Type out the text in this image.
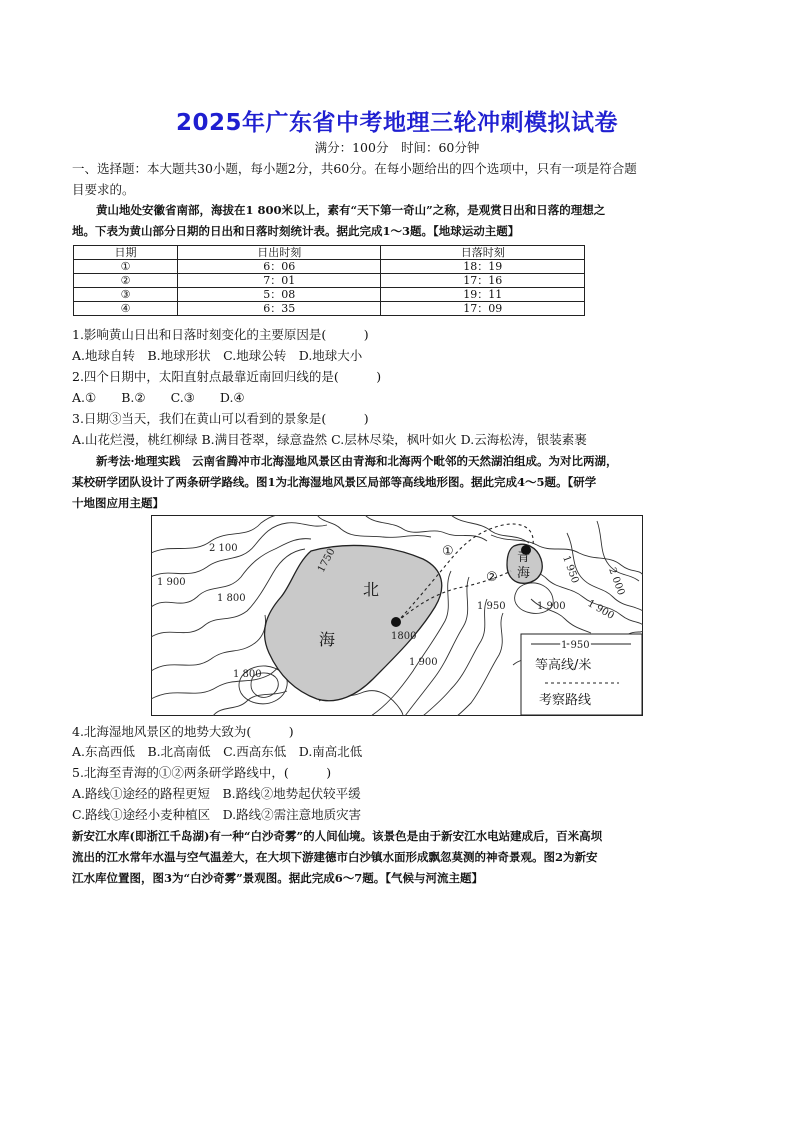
2025年广东省中考地理三轮冲刺模拟试卷
满分：100分　时间：60分钟
一、选择题：本大题共30小题，每小题2分，共60分。在每小题给出的四个选项中，只有一项是符合题
目要求的。
黄山地处安徽省南部，海拔在1 800米以上，素有“天下第一奇山”之称，是观赏日出和日落的理想之
地。下表为黄山部分日期的日出和日落时刻统计表。据此完成1～3题。【地球运动主题】
日期	日出时刻	日落时刻
①	6：06	18：19
②	7：01	17：16
③	5：08	19：11
④	6：35	17：09
1.影响黄山日出和日落时刻变化的主要原因是(　　　)
A.地球自转　B.地球形状　C.地球公转　D.地球大小
2.四个日期中，太阳直射点最靠近南回归线的是(　　　)
A.①　　B.②　　C.③　　D.④
3.日期③当天，我们在黄山可以看到的景象是(　　　)
A.山花烂漫，桃红柳绿 B.满目苍翠，绿意盎然 C.层林尽染，枫叶如火 D.云海松涛，银装素裹
新考法·地理实践　云南省腾冲市北海湿地风景区由青海和北海两个毗邻的天然湖泊组成。为对比两湖，
某校研学团队设计了两条研学路线。图1为北海湿地风景区局部等高线地形图。据此完成4～5题。【研学
十地图应用主题】
北
海
青
海
①
②
2 100
1 900
1 800
1750
1800
1 950	1 900
1 900
1 800
1 950	2 000
1 900
1 950
等高线/米
考察路线
4.北海湿地风景区的地势大致为(　　　)
A.东高西低　B.北高南低　C.西高东低　D.南高北低
5.北海至青海的①②两条研学路线中，(　　　)
A.路线①途经的路程更短　B.路线②地势起伏较平缓
C.路线①途经小麦种植区　D.路线②需注意地质灾害
新安江水库(即浙江千岛湖)有一种“白沙奇雾”的人间仙境。该景色是由于新安江水电站建成后，百米高坝
流出的江水常年水温与空气温差大，在大坝下游建德市白沙镇水面形成飘忽莫测的神奇景观。图2为新安
江水库位置图，图3为“白沙奇雾”景观图。据此完成6～7题。【气候与河流主题】
